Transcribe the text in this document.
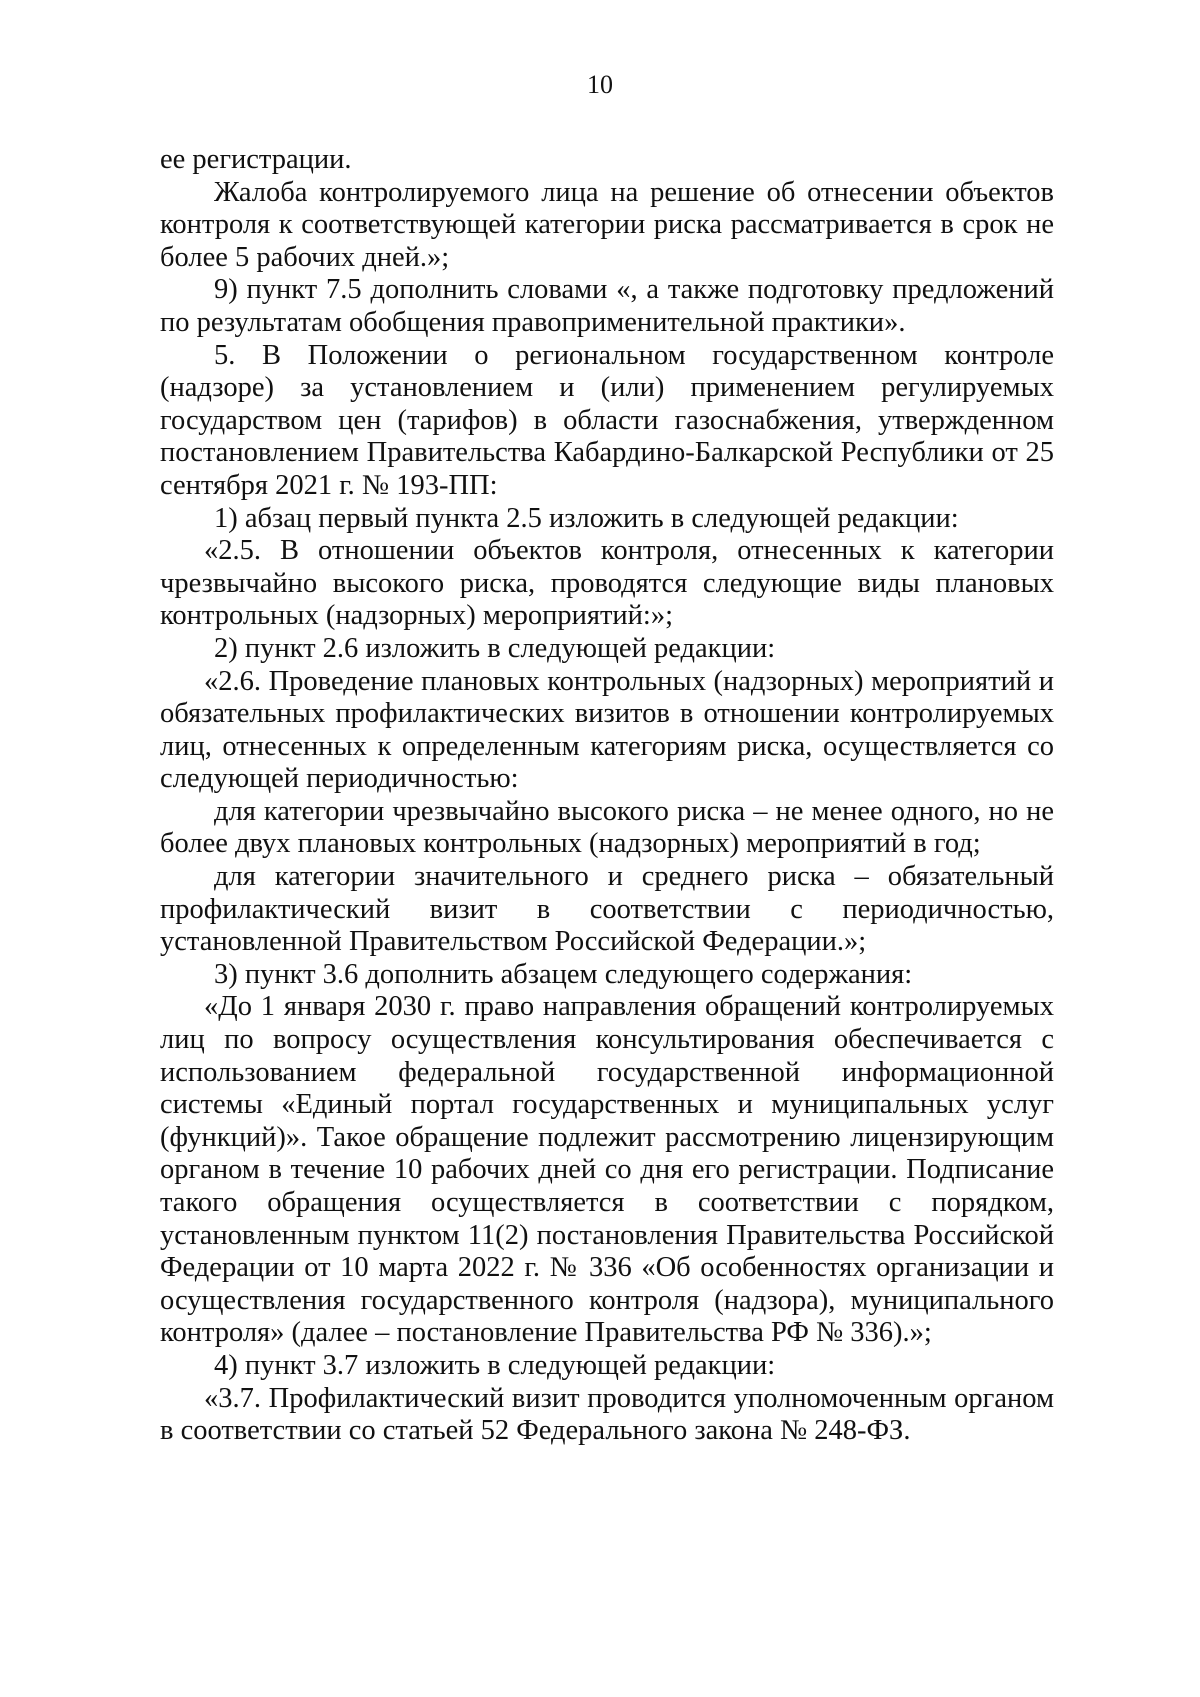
10

ее регистрации.

Жалоба контролируемого лица на решение об отнесении объектов контроля к соответствующей категории риска рассматривается в срок не более 5 рабочих дней.»;

9) пункт 7.5 дополнить словами «, а также подготовку предложений по результатам обобщения правоприменительной практики».

5. В Положении о региональном государственном контроле (надзоре) за установлением и (или) применением регулируемых государством цен (тарифов) в области газоснабжения, утвержденном постановлением Правительства Кабардино-Балкарской Республики от 25 сентября 2021 г. № 193-ПП:

1) абзац первый пункта 2.5 изложить в следующей редакции:

«2.5. В отношении объектов контроля, отнесенных к категории чрезвычайно высокого риска, проводятся следующие виды плановых контрольных (надзорных) мероприятий:»;

2) пункт 2.6 изложить в следующей редакции:

«2.6. Проведение плановых контрольных (надзорных) мероприятий и обязательных профилактических визитов в отношении контролируемых лиц, отнесенных к определенным категориям риска, осуществляется со следующей периодичностью:

для категории чрезвычайно высокого риска – не менее одного, но не более двух плановых контрольных (надзорных) мероприятий в год;

для категории значительного и среднего риска – обязательный профилактический визит в соответствии с периодичностью, установленной Правительством Российской Федерации.»;

3) пункт 3.6 дополнить абзацем следующего содержания:

«До 1 января 2030 г. право направления обращений контролируемых лиц по вопросу осуществления консультирования обеспечивается с использованием федеральной государственной информационной системы «Единый портал государственных и муниципальных услуг (функций)». Такое обращение подлежит рассмотрению лицензирующим органом в течение 10 рабочих дней со дня его регистрации. Подписание такого обращения осуществляется в соответствии с порядком, установленным пунктом 11(2) постановления Правительства Российской Федерации от 10 марта 2022 г. № 336 «Об особенностях организации и осуществления государственного контроля (надзора), муниципального контроля» (далее – постановление Правительства РФ № 336).»;

4) пункт 3.7 изложить в следующей редакции:

«3.7. Профилактический визит проводится уполномоченным органом в соответствии со статьей 52 Федерального закона № 248-ФЗ.
